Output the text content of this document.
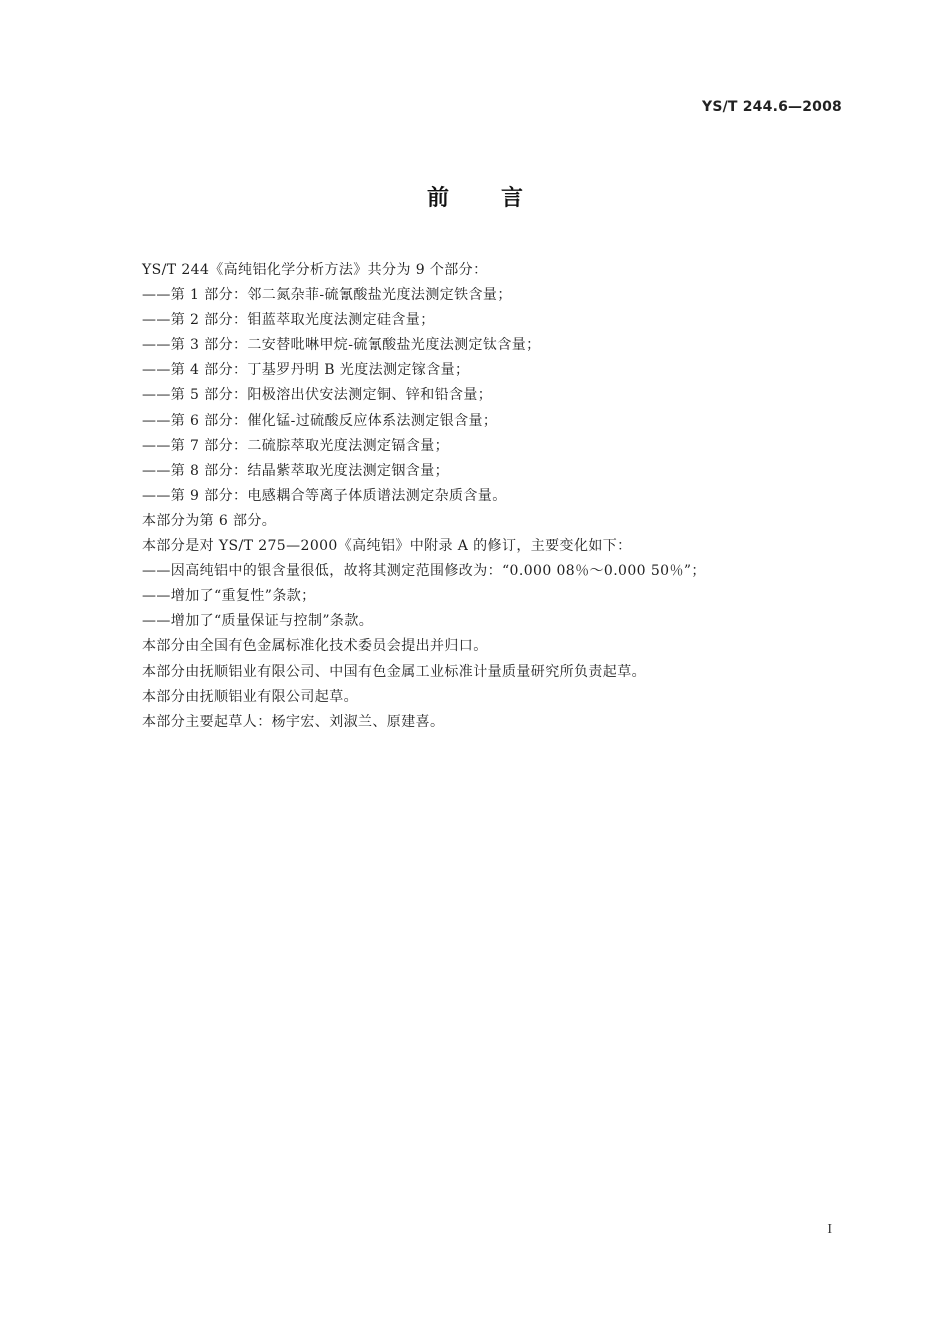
YS/T 244.6—2008
前 言
YS/T 244《高纯铝化学分析方法》共分为 9 个部分：
——第 1 部分：邻二氮杂菲-硫氰酸盐光度法测定铁含量；
——第 2 部分：钼蓝萃取光度法测定硅含量；
——第 3 部分：二安替吡啉甲烷-硫氰酸盐光度法测定钛含量；
——第 4 部分：丁基罗丹明 B 光度法测定镓含量；
——第 5 部分：阳极溶出伏安法测定铜、锌和铅含量；
——第 6 部分：催化锰-过硫酸反应体系法测定银含量；
——第 7 部分：二硫腙萃取光度法测定镉含量；
——第 8 部分：结晶紫萃取光度法测定铟含量；
——第 9 部分：电感耦合等离子体质谱法测定杂质含量。
本部分为第 6 部分。
本部分是对 YS/T 275—2000《高纯铝》中附录 A 的修订，主要变化如下：
——因高纯铝中的银含量很低，故将其测定范围修改为：“0.000 08％～0.000 50％”；
——增加了“重复性”条款；
——增加了“质量保证与控制”条款。
本部分由全国有色金属标准化技术委员会提出并归口。
本部分由抚顺铝业有限公司、中国有色金属工业标准计量质量研究所负责起草。
本部分由抚顺铝业有限公司起草。
本部分主要起草人：杨宇宏、刘淑兰、原建喜。
I
